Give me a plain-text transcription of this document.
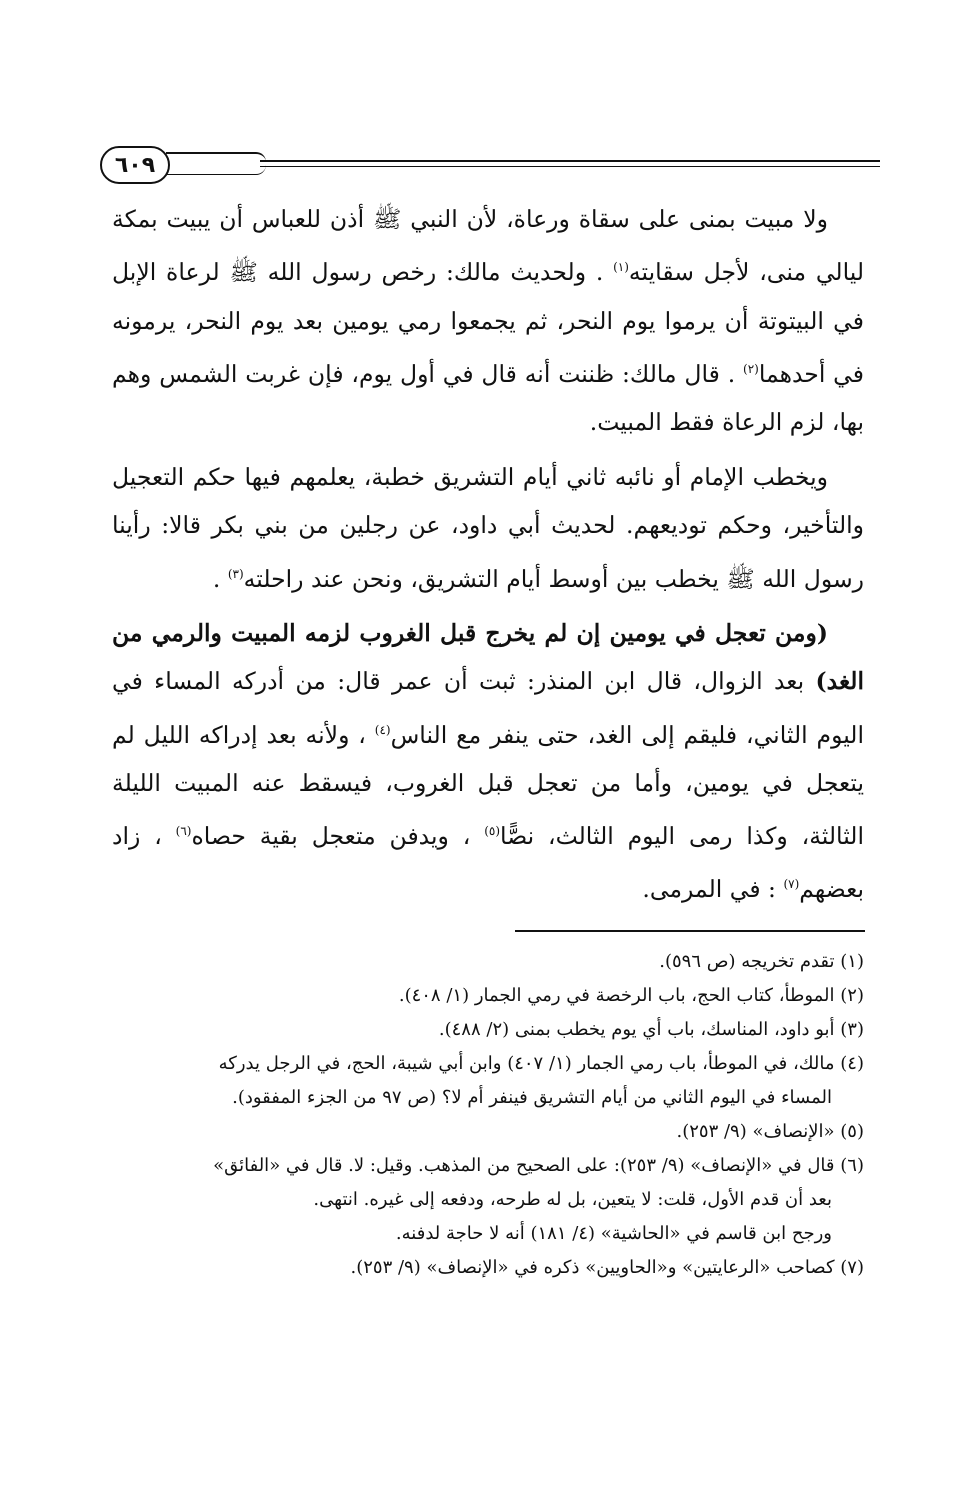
٦٠٩

ولا مبيت بمنى على سقاة ورعاة، لأن النبي ﷺ أذن للعباس أن يبيت بمكة ليالي منى، لأجل سقايته$^{(١)}$ . ولحديث مالك: رخص رسول الله ﷺ لرعاة الإبل في البيتوتة أن يرموا يوم النحر، ثم يجمعوا رمي يومين بعد يوم النحر، يرمونه في أحدهما$^{(٢)}$ . قال مالك: ظننت أنه قال في أول يوم، فإن غربت الشمس وهم بها، لزم الرعاة فقط المبيت.

ويخطب الإمام أو نائبه ثاني أيام التشريق خطبة، يعلمهم فيها حكم التعجيل والتأخير، وحكم توديعهم. لحديث أبي داود، عن رجلين من بني بكر قالا: رأينا رسول الله ﷺ يخطب بين أوسط أيام التشريق، ونحن عند راحلته$^{(٣)}$ .

(ومن تعجل في يومين إن لم يخرج قبل الغروب لزمه المبيت والرمي من الغد) بعد الزوال، قال ابن المنذر: ثبت أن عمر قال: من أدركه المساء في اليوم الثاني، فليقم إلى الغد، حتى ينفر مع الناس$^{(٤)}$ ، ولأنه بعد إدراكه الليل لم يتعجل في يومين، وأما من تعجل قبل الغروب، فيسقط عنه المبيت الليلة الثالثة، وكذا رمى اليوم الثالث، نصًّا$^{(٥)}$ ، ويدفن متعجل بقية حصاه$^{(٦)}$ ، زاد بعضهم$^{(٧)}$ : في المرمى.

(١) تقدم تخريجه (ص ٥٩٦).

(٢) الموطأ، كتاب الحج، باب الرخصة في رمي الجمار (١/ ٤٠٨).

(٣) أبو داود، المناسك، باب أي يوم يخطب بمنى (٢/ ٤٨٨).

(٤) مالك، في الموطأ، باب رمي الجمار (١/ ٤٠٧) وابن أبي شيبة، الحج، في الرجل يدركه
المساء في اليوم الثاني من أيام التشريق فينفر أم لا؟ (ص ٩٧ من الجزء المفقود).

(٥) «الإنصاف» (٩/ ٢٥٣).

(٦) قال في «الإنصاف» (٩/ ٢٥٣): على الصحيح من المذهب. وقيل: لا. قال في «الفائق»
بعد أن قدم الأول، قلت: لا يتعين، بل له طرحه، ودفعه إلى غيره. انتهى.
ورجح ابن قاسم في «الحاشية» (٤/ ١٨١) أنه لا حاجة لدفنه.

(٧) كصاحب «الرعايتين» و«الحاويين» ذكره في «الإنصاف» (٩/ ٢٥٣).
